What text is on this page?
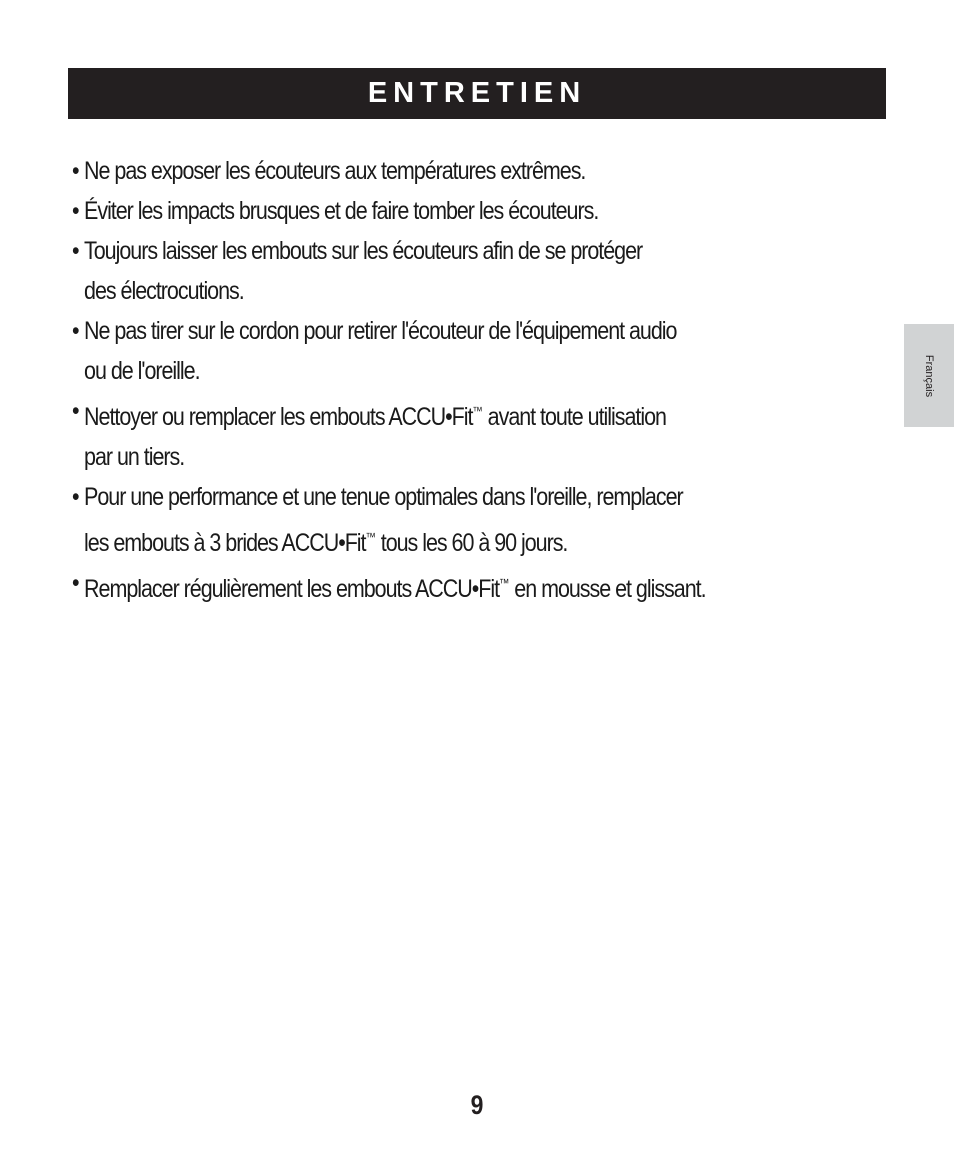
ENTRETIEN
• Ne pas exposer les écouteurs aux températures extrêmes.
• Éviter les impacts brusques et de faire tomber les écouteurs.
• Toujours laisser les embouts sur les écouteurs afin de se protéger
des électrocutions.
• Ne pas tirer sur le cordon pour retirer l'écouteur de l'équipement audio
ou de l'oreille.
• Nettoyer ou remplacer les embouts ACCU•Fit™ avant toute utilisation
par un tiers.
• Pour une performance et une tenue optimales dans l'oreille, remplacer
les embouts à 3 brides ACCU•Fit™ tous les 60 à 90 jours.
• Remplacer régulièrement les embouts ACCU•Fit™ en mousse et glissant.
Français
9
